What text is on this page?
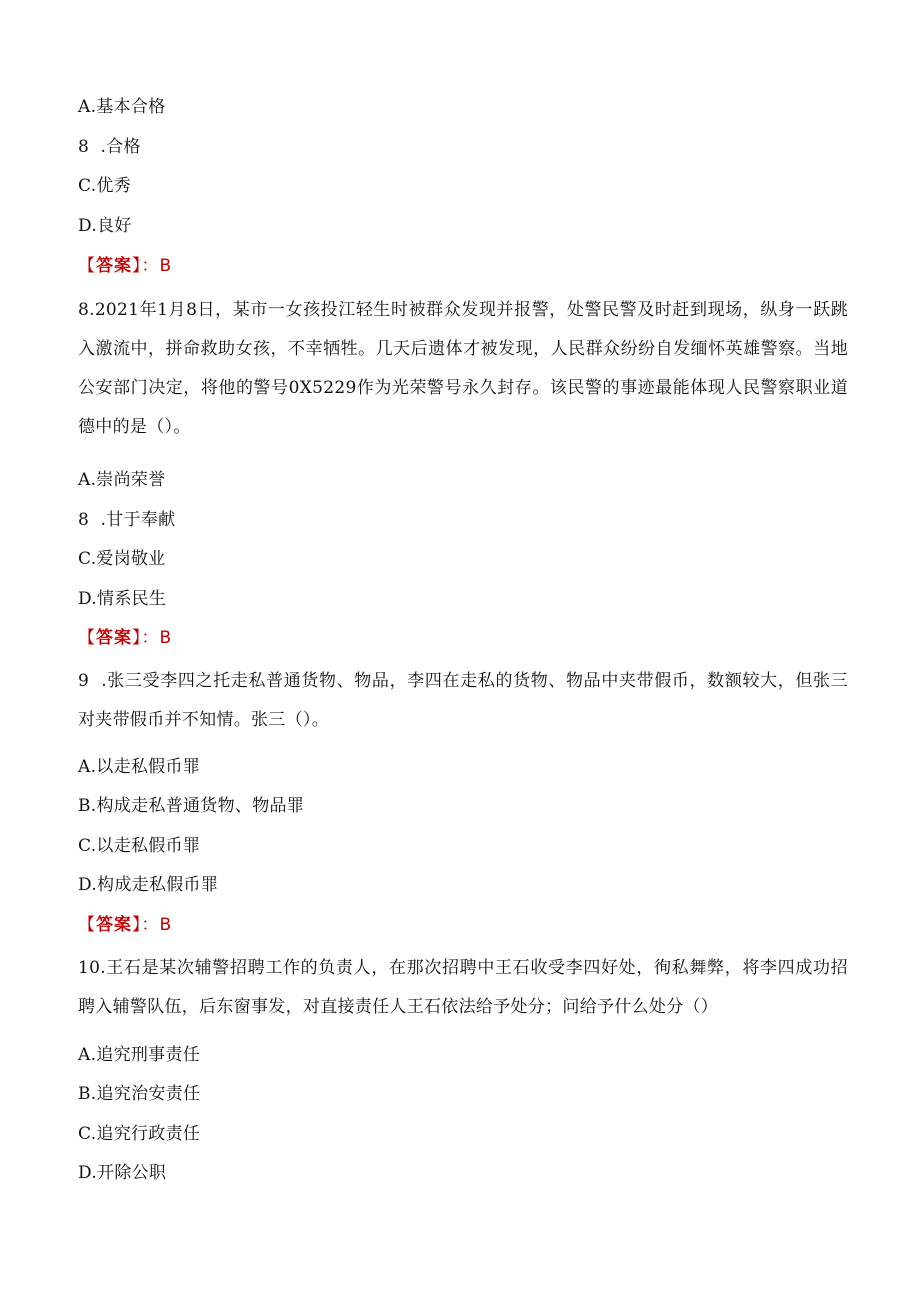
A.基本合格
8  .合格
C.优秀
D.良好
【答案】：B
8.2021年1月8日，某市一女孩投江轻生时被群众发现并报警，处警民警及时赶到现场，纵身一跃跳入激流中，拼命救助女孩，不幸牺牲。几天后遗体才被发现，人民群众纷纷自发缅怀英雄警察。当地公安部门决定，将他的警号0X5229作为光荣警号永久封存。该民警的事迹最能体现人民警察职业道德中的是（）。
A.崇尚荣誉
8  .甘于奉献
C.爱岗敬业
D.情系民生
【答案】：B
9  .张三受李四之托走私普通货物、物品，李四在走私的货物、物品中夹带假币，数额较大，但张三对夹带假币并不知情。张三（）。
A.以走私假币罪
B.构成走私普通货物、物品罪
C.以走私假币罪
D.构成走私假币罪
【答案】：B
10.王石是某次辅警招聘工作的负责人，在那次招聘中王石收受李四好处，徇私舞弊，将李四成功招聘入辅警队伍，后东窗事发，对直接责任人王石依法给予处分；问给予什么处分（）
A.追究刑事责任
B.追究治安责任
C.追究行政责任
D.开除公职
